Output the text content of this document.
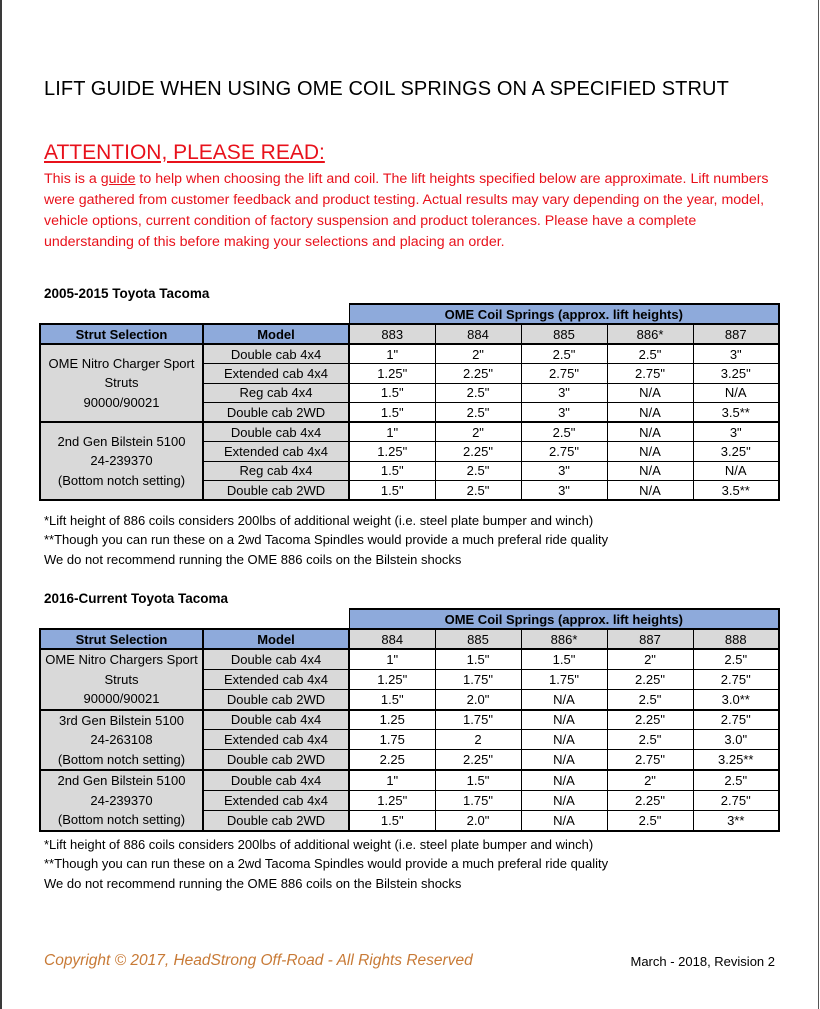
LIFT GUIDE WHEN USING OME COIL SPRINGS ON A SPECIFIED STRUT
ATTENTION, PLEASE READ:
This is a guide to help when choosing the lift and coil. The lift heights specified below are approximate. Lift numbers were gathered from customer feedback and product testing. Actual results may vary depending on the year, model, vehicle options, current condition of factory suspension and product tolerances. Please have a complete understanding of this before making your selections and placing an order.
2005-2015 Toyota Tacoma
		OME Coil Springs (approx. lift heights)				
Strut Selection	Model	883	884	885	886*	887

OME Nitro Charger Sport
Struts
90000/90021	Double cab 4x4	1"	2"	2.5"	2.5"	3"
	Extended cab 4x4	1.25"	2.25"	2.75"	2.75"	3.25"
	Reg cab 4x4	1.5"	2.5"	3"	N/A	N/A
	Double cab 2WD	1.5"	2.5"	3"	N/A	3.5**

2nd Gen Bilstein 5100
24-239370
(Bottom notch setting)	Double cab 4x4	1"	2"	2.5"	N/A	3"
	Extended cab 4x4	1.25"	2.25"	2.75"	N/A	3.25"
	Reg cab 4x4	1.5"	2.5"	3"	N/A	N/A
	Double cab 2WD	1.5"	2.5"	3"	N/A	3.5**
*Lift height of 886 coils considers 200lbs of additional weight (i.e. steel plate bumper and winch)
**Though you can run these on a 2wd Tacoma Spindles would provide a much preferal ride quality
We do not recommend running the OME 886 coils on the Bilstein shocks
2016-Current Toyota Tacoma
		OME Coil Springs (approx. lift heights)				
Strut Selection	Model	884	885	886*	887	888

OME Nitro Chargers Sport
Struts
90000/90021	Double cab 4x4	1"	1.5"	1.5"	2"	2.5"
	Extended cab 4x4	1.25"	1.75"	1.75"	2.25"	2.75"
	Double cab 2WD	1.5"	2.0"	N/A	2.5"	3.0**

3rd Gen Bilstein 5100
24-263108
(Bottom notch setting)	Double cab 4x4	1.25	1.75"	N/A	2.25"	2.75"
	Extended cab 4x4	1.75	2	N/A	2.5"	3.0"
	Double cab 2WD	2.25	2.25"	N/A	2.75"	3.25**

2nd Gen Bilstein 5100
24-239370
(Bottom notch setting)	Double cab 4x4	1"	1.5"	N/A	2"	2.5"
	Extended cab 4x4	1.25"	1.75"	N/A	2.25"	2.75"
	Double cab 2WD	1.5"	2.0"	N/A	2.5"	3**
*Lift height of 886 coils considers 200lbs of additional weight (i.e. steel plate bumper and winch)
**Though you can run these on a 2wd Tacoma Spindles would provide a much preferal ride quality
We do not recommend running the OME 886 coils on the Bilstein shocks
Copyright © 2017, HeadStrong Off-Road - All Rights Reserved	March - 2018, Revision 2
